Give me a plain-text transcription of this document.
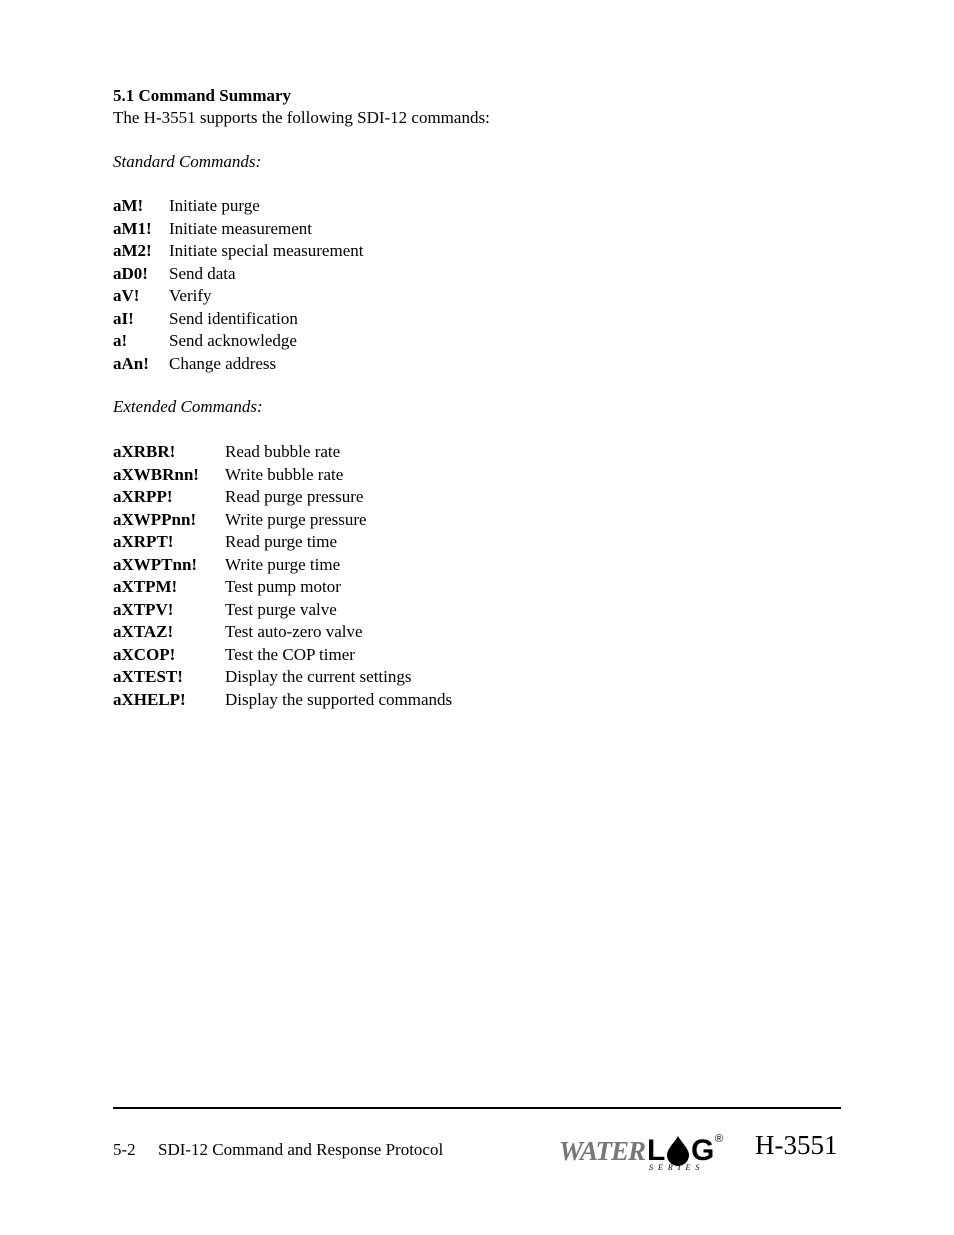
5.1 Command Summary
The H-3551 supports the following SDI-12 commands:
Standard Commands:
aM!	Initiate purge
aM1!	Initiate measurement
aM2!	Initiate special measurement
aD0!	Send data
aV!	Verify
aI!	Send identification
a!	Send acknowledge
aAn!	Change address
Extended Commands:
aXRBR!	Read bubble rate
aXWBRnn!	Write bubble rate
aXRPP!	Read purge pressure
aXWPPnn!	Write purge pressure
aXRPT!	Read purge time
aXWPTnn!	Write purge time
aXTPM!	Test pump motor
aXTPV!	Test purge valve
aXTAZ!	Test auto-zero valve
aXCOP!	Test the COP timer
aXTEST!	Display the current settings
aXHELP!	Display the supported commands
5-2 SDI-12 Command and Response Protocol	WATER L G ®
SERIES
H-3551
